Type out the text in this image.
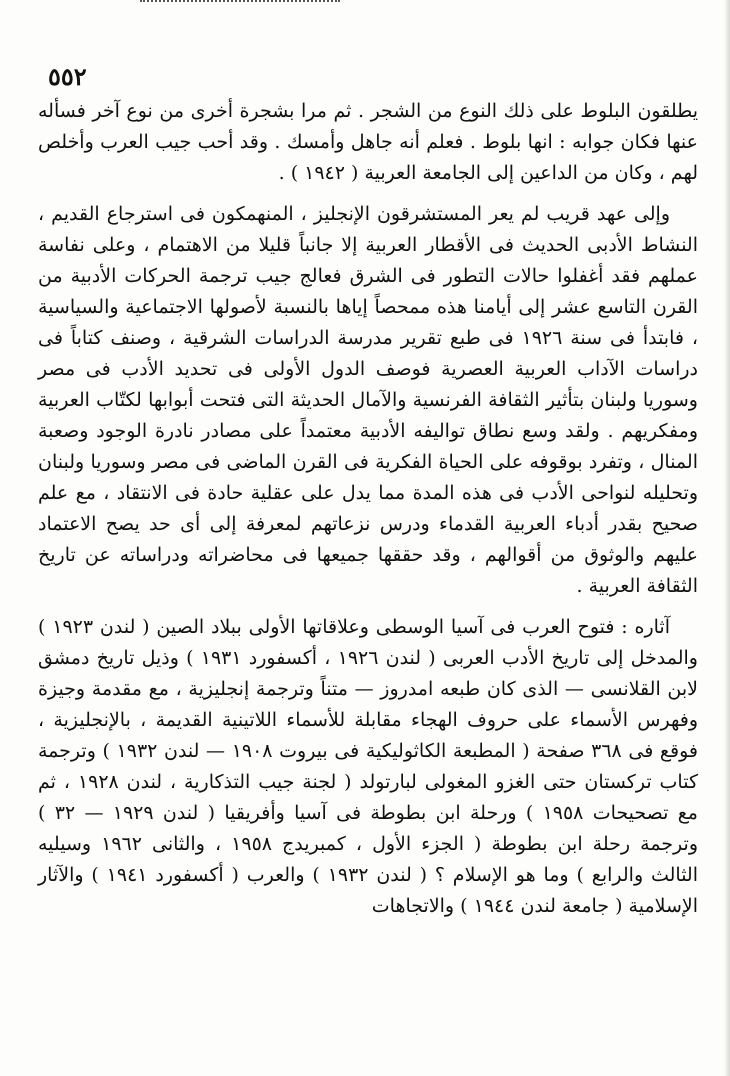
٥٥٢

يطلقون البلوط على ذلك النوع من الشجر . ثم مرا بشجرة أخرى من نوع آخر فسأله عنها فكان جوابه : انها بلوط . فعلم أنه جاهل وأمسك . وقد أحب جيب العرب وأخلص لهم ، وكان من الداعين إلى الجامعة العربية ( ١٩٤٢ ) .

وإلى عهد قريب لم يعر المستشرقون الإنجليز ، المنهمكون فى استرجاع القديم ، النشاط الأدبى الحديث فى الأقطار العربية إلا جانباً قليلا من الاهتمام ، وعلى نفاسة عملهم فقد أغفلوا حالات التطور فى الشرق فعالج جيب ترجمة الحركات الأدبية من القرن التاسع عشر إلى أيامنا هذه ممحصاً إياها بالنسبة لأصولها الاجتماعية والسياسية ، فابتدأ فى سنة ١٩٢٦ فى طبع تقرير مدرسة الدراسات الشرقية ، وصنف كتاباً فى دراسات الآداب العربية العصرية فوصف الدول الأولى فى تحديد الأدب فى مصر وسوريا ولبنان بتأثير الثقافة الفرنسية والآمال الحديثة التى فتحت أبوابها لكتّاب العربية ومفكريهم . ولقد وسع نطاق تواليفه الأدبية معتمداً على مصادر نادرة الوجود وصعبة المنال ، وتفرد بوقوفه على الحياة الفكرية فى القرن الماضى فى مصر وسوريا ولبنان وتحليله لنواحى الأدب فى هذه المدة مما يدل على عقلية حادة فى الانتقاد ، مع علم صحيح بقدر أدباء العربية القدماء ودرس نزعاتهم لمعرفة إلى أى حد يصح الاعتماد عليهم والوثوق من أقوالهم ، وقد حققها جميعها فى محاضراته ودراساته عن تاريخ الثقافة العربية .

آثاره : فتوح العرب فى آسيا الوسطى وعلاقاتها الأولى ببلاد الصين ( لندن ١٩٢٣ ) والمدخل إلى تاريخ الأدب العربى ( لندن ١٩٢٦ ، أكسفورد ١٩٣١ ) وذيل تاريخ دمشق لابن القلانسى — الذى كان طبعه امدروز — متناً وترجمة إنجليزية ، مع مقدمة وجيزة وفهرس الأسماء على حروف الهجاء مقابلة للأسماء اللاتينية القديمة ، بالإنجليزية ، فوقع فى ٣٦٨ صفحة ( المطبعة الكاثوليكية فى بيروت ١٩٠٨ — لندن ١٩٣٢ ) وترجمة كتاب تركستان حتى الغزو المغولى لبارتولد ( لجنة جيب التذكارية ، لندن ١٩٢٨ ، ثم مع تصحيحات ١٩٥٨ ) ورحلة ابن بطوطة فى آسيا وأفريقيا ( لندن ١٩٢٩ — ٣٢ ) وترجمة رحلة ابن بطوطة ( الجزء الأول ، كمبريدج ١٩٥٨ ، والثانى ١٩٦٢ وسيليه الثالث والرابع ) وما هو الإسلام ؟ ( لندن ١٩٣٢ ) والعرب ( أكسفورد ١٩٤١ ) والآثار الإسلامية ( جامعة لندن ١٩٤٤ ) والاتجاهات
